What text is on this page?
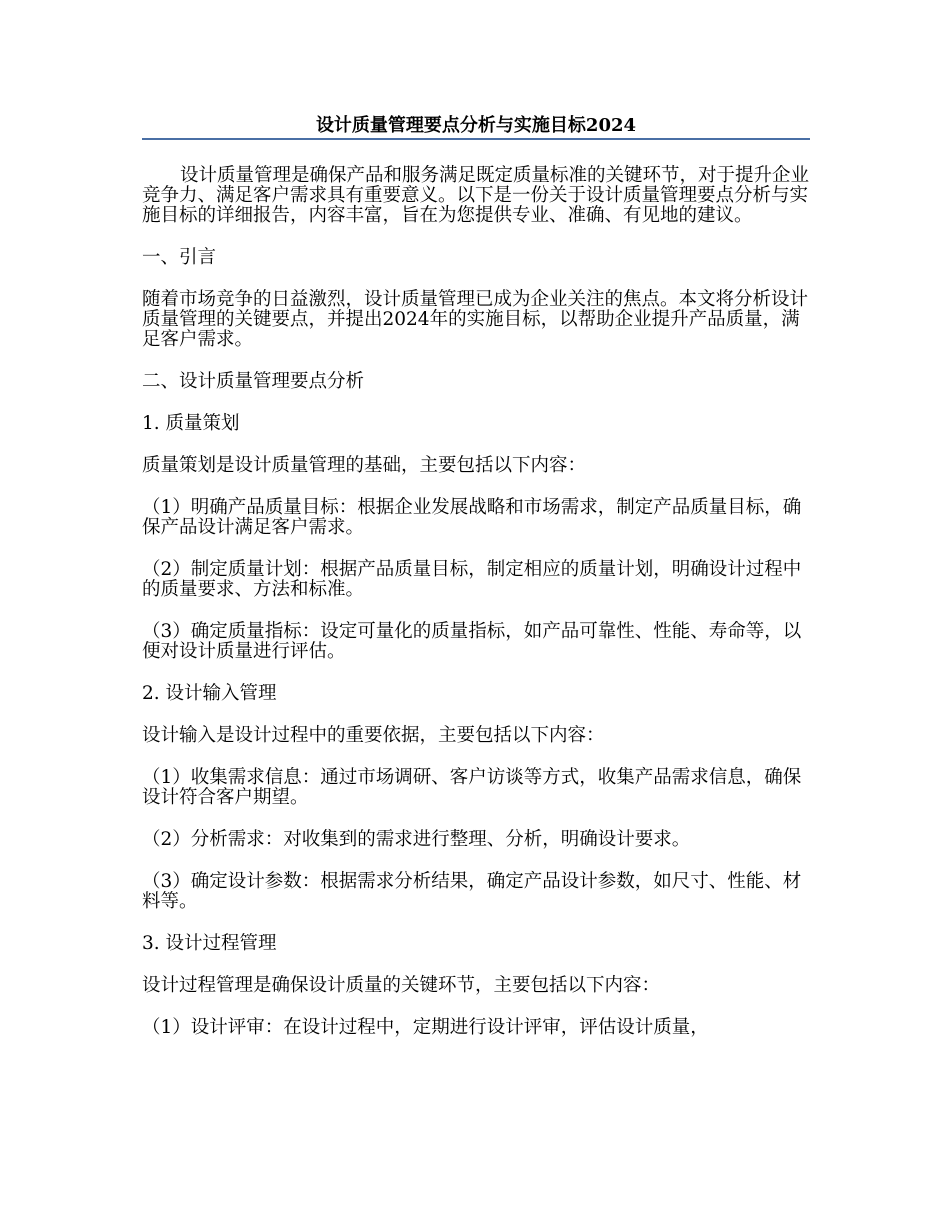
设计质量管理要点分析与实施目标2024

设计质量管理是确保产品和服务满足既定质量标准的关键环节，对于提升企业竞争力、满足客户需求具有重要意义。以下是一份关于设计质量管理要点分析与实施目标的详细报告，内容丰富，旨在为您提供专业、准确、有见地的建议。

一、引言

随着市场竞争的日益激烈，设计质量管理已成为企业关注的焦点。本文将分析设计质量管理的关键要点，并提出2024年的实施目标，以帮助企业提升产品质量，满足客户需求。

二、设计质量管理要点分析

1. 质量策划

质量策划是设计质量管理的基础，主要包括以下内容：

（1）明确产品质量目标：根据企业发展战略和市场需求，制定产品质量目标，确保产品设计满足客户需求。

（2）制定质量计划：根据产品质量目标，制定相应的质量计划，明确设计过程中的质量要求、方法和标准。

（3）确定质量指标：设定可量化的质量指标，如产品可靠性、性能、寿命等，以便对设计质量进行评估。

2. 设计输入管理

设计输入是设计过程中的重要依据，主要包括以下内容：

（1）收集需求信息：通过市场调研、客户访谈等方式，收集产品需求信息，确保设计符合客户期望。

（2）分析需求：对收集到的需求进行整理、分析，明确设计要求。

（3）确定设计参数：根据需求分析结果，确定产品设计参数，如尺寸、性能、材料等。

3. 设计过程管理

设计过程管理是确保设计质量的关键环节，主要包括以下内容：

（1）设计评审：在设计过程中，定期进行设计评审，评估设计质量，
